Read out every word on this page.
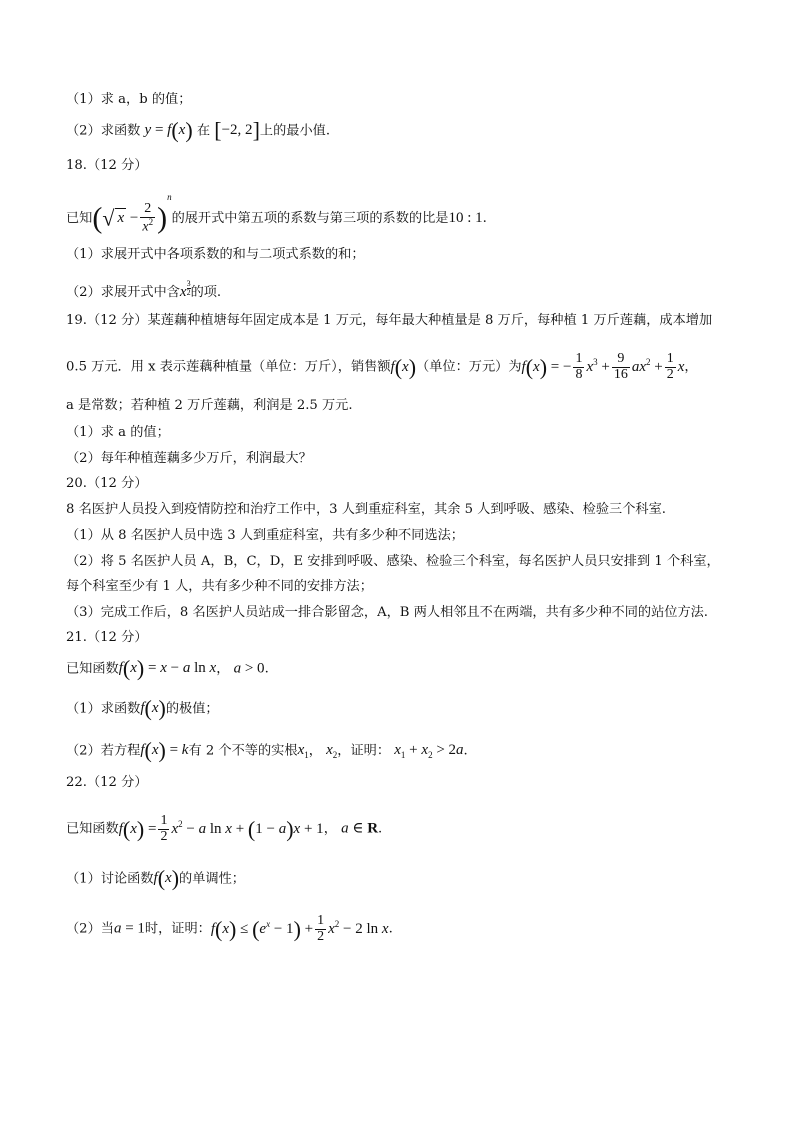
（1）求 a，b 的值；
（2）求函数 y = f(x) 在 [−2, 2]上的最小值.
18.（12 分）
已知(√ $x - \frac{2}{x^2} )^n$的展开式中第五项的系数与第三项的系数的比是10 : 1.
（1）求展开式中各项系数的和与二项式系数的和；
（2）求展开式中含x $\frac{3}{2}$ 的项.
19.（12 分）某莲藕种植塘每年固定成本是 1 万元，每年最大种植量是 8 万斤，每种植 1 万斤莲藕，成本增加
0.5 万元．用 x 表示莲藕种植量（单位：万斤），销售额f(x)（单位：万元）为f(x) = − $\frac{1}{8} x^3 + \frac{9}{16} ax^2 + \frac{1}{2}$ x，
a 是常数；若种植 2 万斤莲藕，利润是 2.5 万元.
（1）求 a 的值；
（2）每年种植莲藕多少万斤，利润最大？
20.（12 分）
8 名医护人员投入到疫情防控和治疗工作中，3 人到重症科室，其余 5 人到呼吸、感染、检验三个科室.
（1）从 8 名医护人员中选 3 人到重症科室，共有多少种不同选法；
（2）将 5 名医护人员 A，B，C，D，E 安排到呼吸、感染、检验三个科室，每名医护人员只安排到 1 个科室，
每个科室至少有 1 人，共有多少种不同的安排方法；
（3）完成工作后，8 名医护人员站成一排合影留念，A，B 两人相邻且不在两端，共有多少种不同的站位方法.
21.（12 分）
已知函数f(x) = x − a ln x， a > 0.
（1）求函数f(x)的极值；
（2）若方程f(x) = k有 2 个不等的实根$x_1$， $x_2$，证明： $x_1 + x_2 > 2a$.
22.（12 分）
已知函数$f(x) = \frac{1}{2} x^2 - a$ ln x + (1 − a)x + 1， a ∈ R.
（1）讨论函数f(x)的单调性；
（2）当a = 1时，证明：$f(x) \le (e^x - 1) + \frac{1}{2} x^2 - 2$ ln x.
